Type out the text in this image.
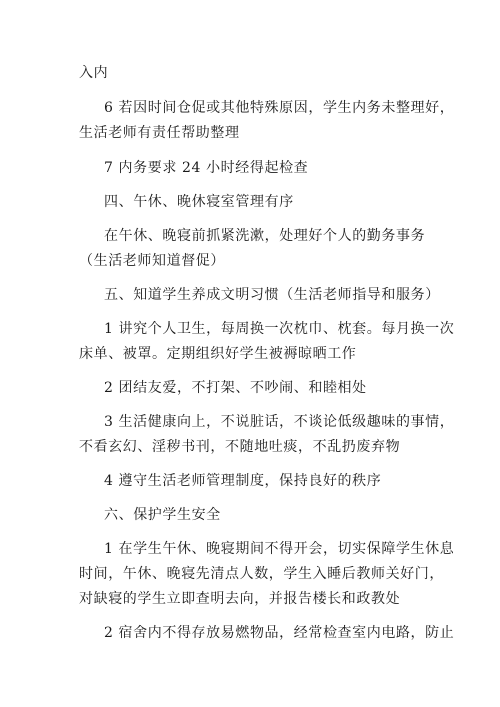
入内
6 若因时间仓促或其他特殊原因，学生内务未整理好，
生活老师有责任帮助整理
7 内务要求 24 小时经得起检查
四、午休、晚休寝室管理有序
在午休、晚寝前抓紧洗漱，处理好个人的勤务事务
（生活老师知道督促）
五、知道学生养成文明习惯（生活老师指导和服务）
1 讲究个人卫生，每周换一次枕巾、枕套。每月换一次
床单、被罩。定期组织好学生被褥晾晒工作
2 团结友爱，不打架、不吵闹、和睦相处
3 生活健康向上，不说脏话，不谈论低级趣味的事情，
不看玄幻、淫秽书刊，不随地吐痰，不乱扔废弃物
4 遵守生活老师管理制度，保持良好的秩序
六、保护学生安全
1 在学生午休、晚寝期间不得开会，切实保障学生休息
时间，午休、晚寝先清点人数，学生入睡后教师关好门，
对缺寝的学生立即查明去向，并报告楼长和政教处
2 宿舍内不得存放易燃物品，经常检查室内电路，防止
